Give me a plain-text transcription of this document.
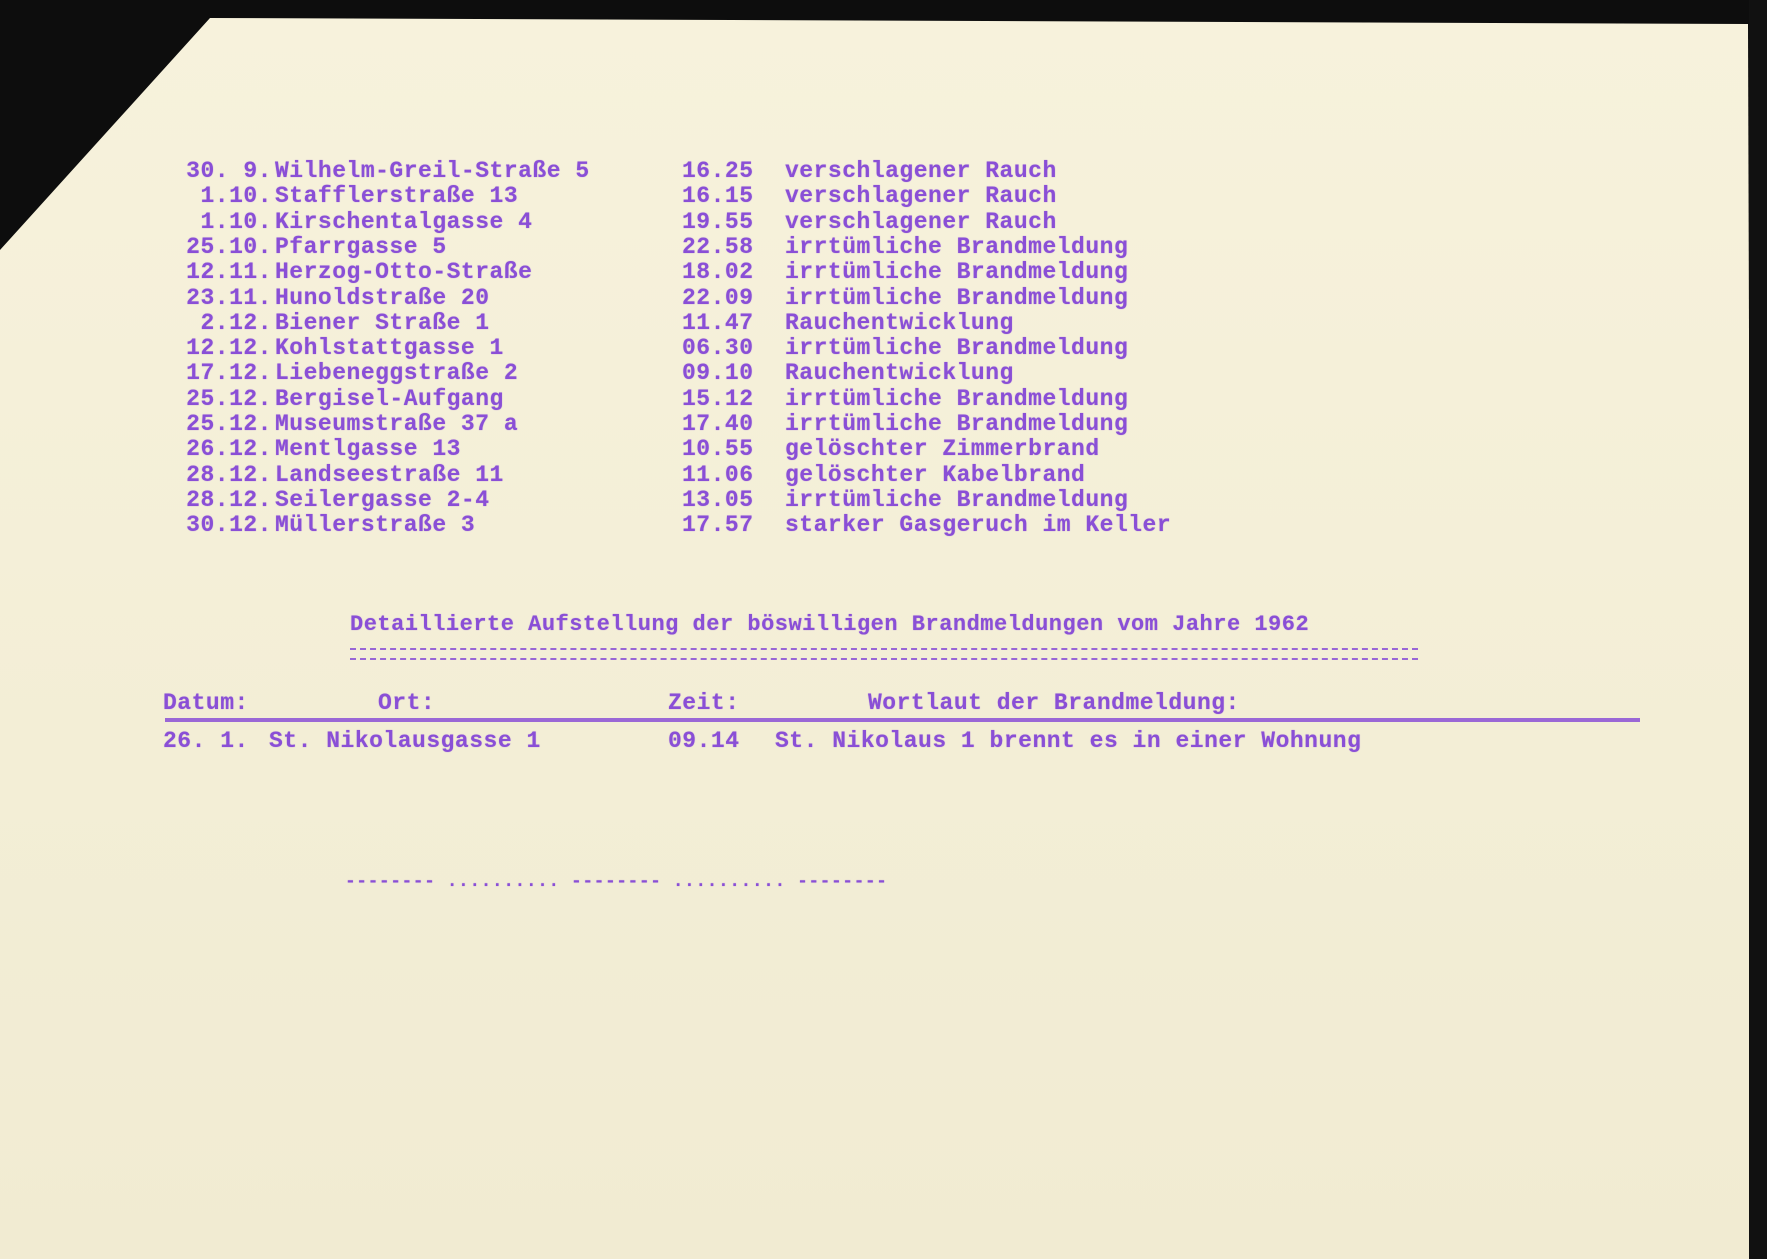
30. 9. Wilhelm-Greil-Straße 5	16.25 verschlagener Rauch
1.10. Stafflerstraße 13	16.15 verschlagener Rauch
1.10. Kirschentalgasse 4	19.55 verschlagener Rauch
25.10. Pfarrgasse 5	22.58 irrtümliche Brandmeldung
12.11. Herzog-Otto-Straße	18.02 irrtümliche Brandmeldung
23.11. Hunoldstraße 20	22.09 irrtümliche Brandmeldung
2.12. Biener Straße 1	11.47 Rauchentwicklung
12.12. Kohlstattgasse 1	06.30 irrtümliche Brandmeldung
17.12. Liebeneggstraße 2	09.10 Rauchentwicklung
25.12. Bergisel-Aufgang	15.12 irrtümliche Brandmeldung
25.12. Museumstraße 37 a	17.40 irrtümliche Brandmeldung
26.12. Mentlgasse 13	10.55 gelöschter Zimmerbrand
28.12. Landseestraße 11	11.06 gelöschter Kabelbrand
28.12. Seilergasse 2-4	13.05 irrtümliche Brandmeldung
30.12. Müllerstraße 3	17.57 starker Gasgeruch im Keller
Detaillierte Aufstellung der böswilligen Brandmeldungen vom Jahre 1962
Datum:	Ort:	Zeit:	Wortlaut der Brandmeldung:
26. 1. St. Nikolausgasse 1	09.14 St. Nikolaus 1 brennt es in einer Wohnung
-------- .......... -------- .......... --------
